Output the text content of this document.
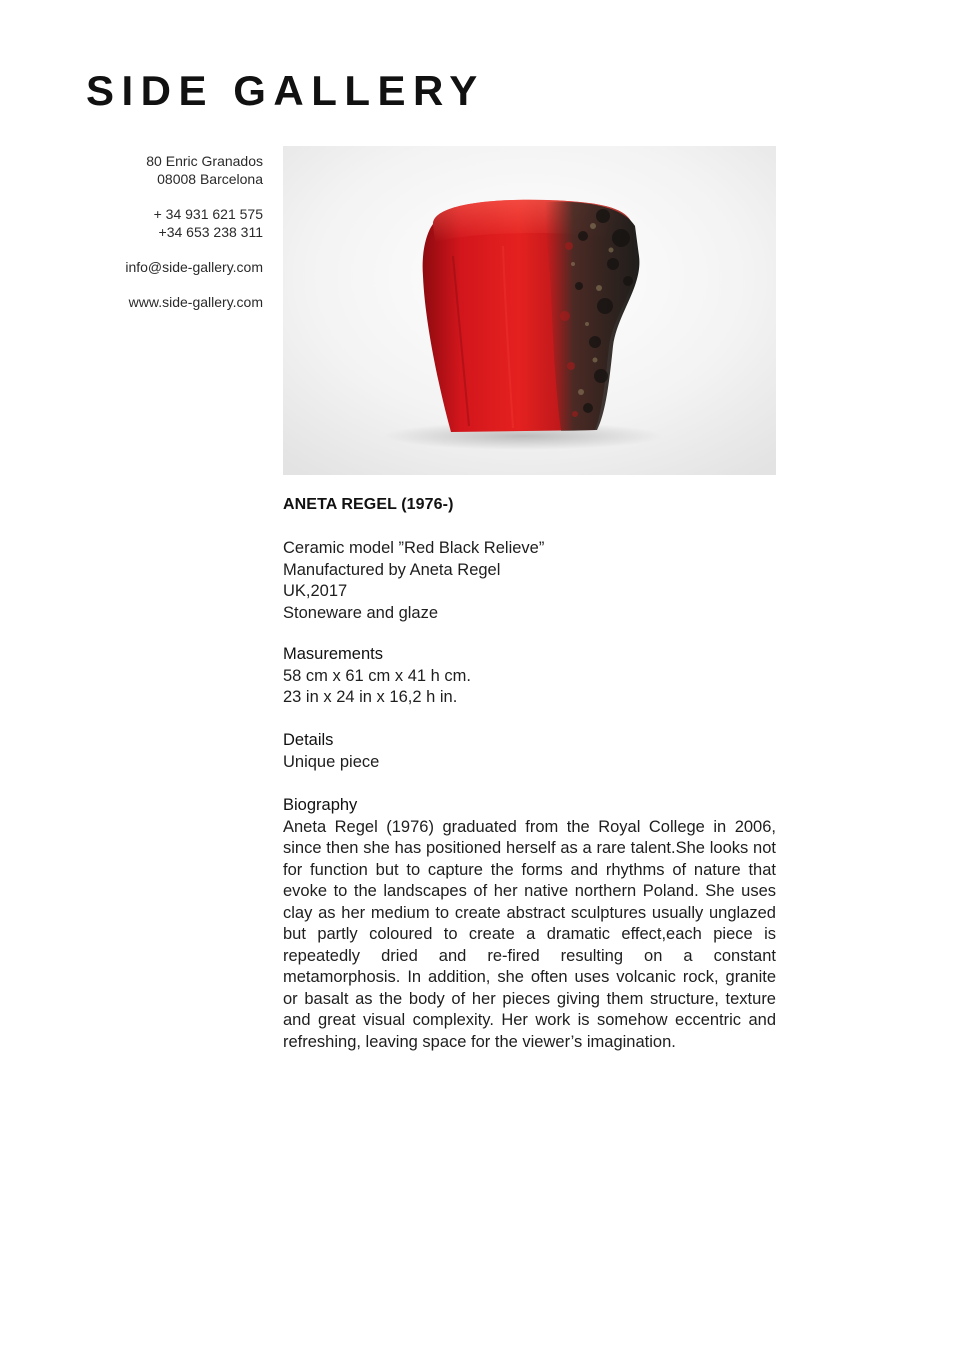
SIDE GALLERY
80 Enric Granados
08008 Barcelona
+ 34 931 621 575
+34 653 238 311
info@side-gallery.com
www.side-gallery.com
ANETA REGEL (1976-)
Ceramic model ”Red Black Relieve”
Manufactured by Aneta Regel
UK,2017
Stoneware and glaze
Masurements
58 cm x 61 cm x 41 h cm.
23 in x 24 in x 16,2 h in.
Details
Unique piece
Biography
Aneta Regel (1976) graduated from the Royal College in 2006, since then she has positioned herself as a rare talent.She looks not for function but to capture the forms and rhythms of nature that evoke to the landscapes of her native northern Poland. She uses clay as her medium to create abstract sculptures usually unglazed but partly coloured to create a dramatic effect,each piece is repeatedly dried and re-fired resulting on a constant metamorphosis. In addition, she often uses volcanic rock, granite or basalt as the body of her pieces giving them structure, texture and great visual complexity. Her work is somehow eccentric and refreshing, leaving space for the viewer’s imagination.
